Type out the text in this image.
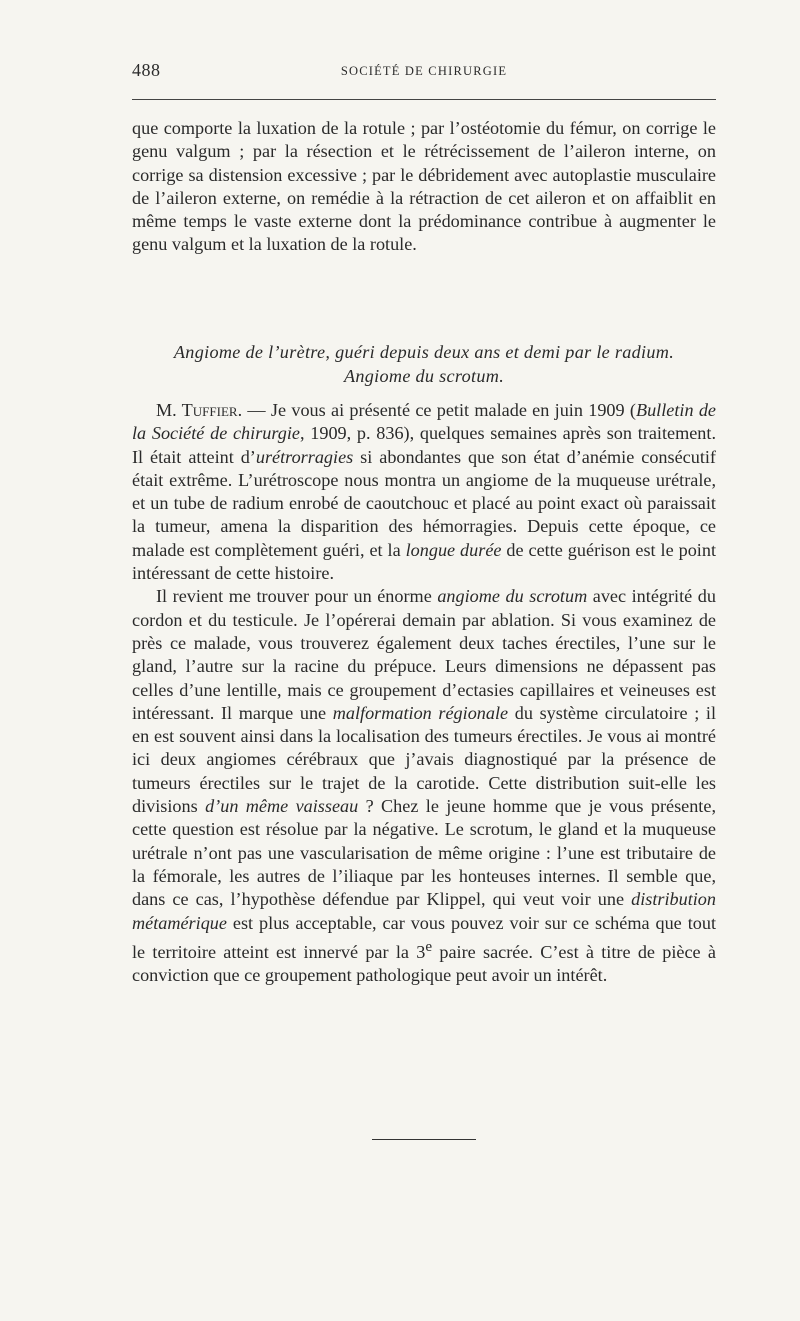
488	SOCIÉTÉ DE CHIRURGIE

que comporte la luxation de la rotule ; par l’ostéotomie du fémur, on corrige le genu valgum ; par la résection et le rétrécissement de l’aileron interne, on corrige sa distension excessive ; par le débridement avec autoplastie musculaire de l’aileron externe, on remédie à la rétraction de cet aileron et on affaiblit en même temps le vaste externe dont la prédominance contribue à augmenter le genu valgum et la luxation de la rotule.

Angiome de l’urètre, guéri depuis deux ans et demi par le radium.
Angiome du scrotum.

M. Tuffier. — Je vous ai présenté ce petit malade en juin 1909 (Bulletin de la Société de chirurgie, 1909, p. 836), quelques semaines après son traitement. Il était atteint d’urétrorragies si abondantes que son état d’anémie consécutif était extrême. L’urétroscope nous montra un angiome de la muqueuse urétrale, et un tube de radium enrobé de caoutchouc et placé au point exact où paraissait la tumeur, amena la disparition des hémorragies. Depuis cette époque, ce malade est complètement guéri, et la longue durée de cette guérison est le point intéressant de cette histoire.

Il revient me trouver pour un énorme angiome du scrotum avec intégrité du cordon et du testicule. Je l’opérerai demain par ablation. Si vous examinez de près ce malade, vous trouverez également deux taches érectiles, l’une sur le gland, l’autre sur la racine du prépuce. Leurs dimensions ne dépassent pas celles d’une lentille, mais ce groupement d’ectasies capillaires et veineuses est intéressant. Il marque une malformation régionale du système circulatoire ; il en est souvent ainsi dans la localisation des tumeurs érectiles. Je vous ai montré ici deux angiomes cérébraux que j’avais diagnostiqué par la présence de tumeurs érectiles sur le trajet de la carotide. Cette distribution suit-elle les divisions d’un même vaisseau ? Chez le jeune homme que je vous présente, cette question est résolue par la négative. Le scrotum, le gland et la muqueuse urétrale n’ont pas une vascularisation de même origine : l’une est tributaire de la fémorale, les autres de l’iliaque par les honteuses internes. Il semble que, dans ce cas, l’hypothèse défendue par Klippel, qui veut voir une distribution métamérique est plus acceptable, car vous pouvez voir sur ce schéma que tout le territoire atteint est innervé par la 3e paire sacrée. C’est à titre de pièce à conviction que ce groupement pathologique peut avoir un intérêt.
